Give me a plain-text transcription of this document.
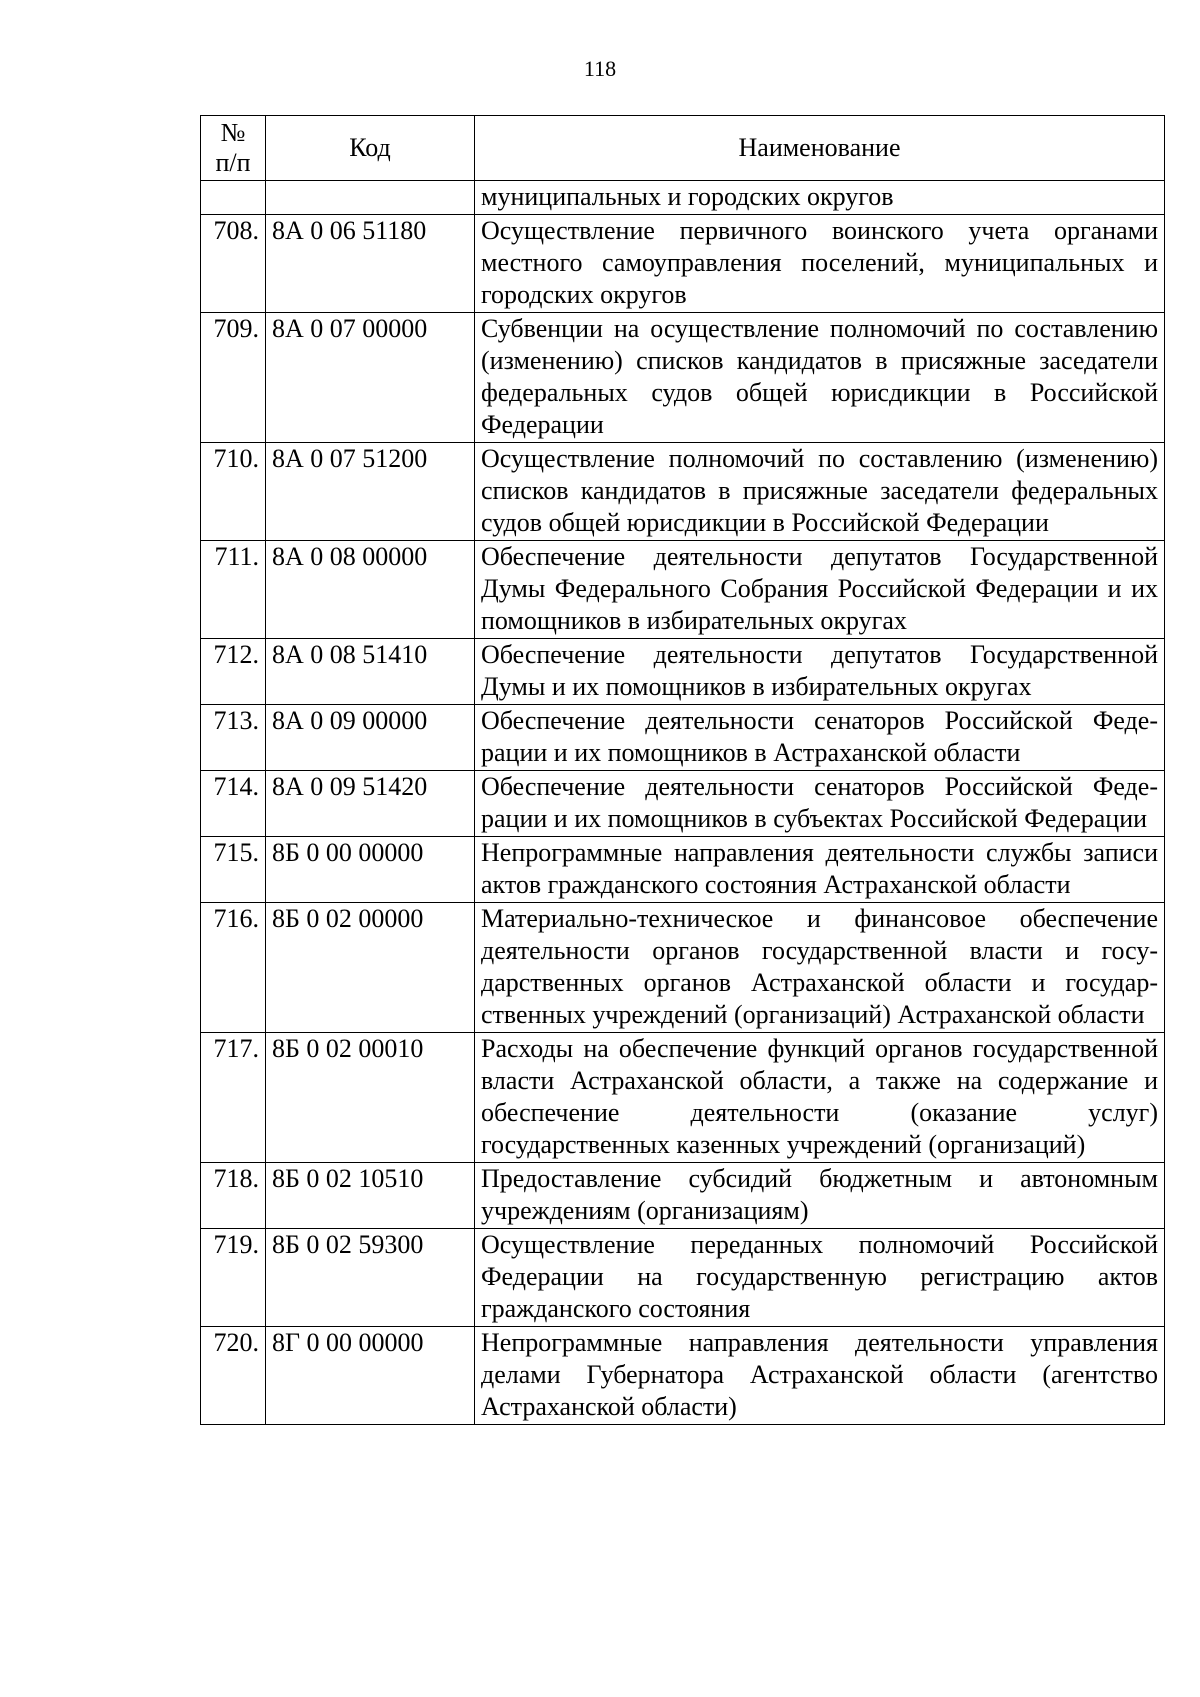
118
№
п/п	Код	Наименование
		муниципальных и городских округов
708.	8А 0 06 51180	Осуществление первичного воинского учета органами местного самоуправления поселений, муниципальных и городских округов
709.	8А 0 07 00000	Субвенции на осуществление полномочий по составлению (изменению) списков кандидатов в присяжные заседатели федеральных судов общей юрисдикции в Российской Федерации
710.	8А 0 07 51200	Осуществление полномочий по составлению (изменению) списков кандидатов в присяжные заседатели федеральных судов общей юрисдикции в Российской Федерации
711.	8А 0 08 00000	Обеспечение деятельности депутатов Государственной Думы Федерального Собрания Российской Федерации и их помощников в избирательных округах
712.	8А 0 08 51410	Обеспечение деятельности депутатов Государственной Думы и их помощников в избирательных округах
713.	8А 0 09 00000	Обеспечение деятельности сенаторов Российской Федерации и их помощников в Астраханской области
714.	8А 0 09 51420	Обеспечение деятельности сенаторов Российской Федерации и их помощников в субъектах Российской Федерации
715.	8Б 0 00 00000	Непрограммные направления деятельности службы записи актов гражданского состояния Астраханской области
716.	8Б 0 02 00000	Материально-техническое и финансовое обеспечение деятельности органов государственной власти и государственных органов Астраханской области и государственных учреждений (организаций) Астраханской области
717.	8Б 0 02 00010	Расходы на обеспечение функций органов государственной власти Астраханской области, а также на содержание и обеспечение деятельности (оказание услуг) государственных казенных учреждений (организаций)
718.	8Б 0 02 10510	Предоставление субсидий бюджетным и автономным учреждениям (организациям)
719.	8Б 0 02 59300	Осуществление переданных полномочий Российской Федерации на государственную регистрацию актов гражданского состояния
720.	8Г 0 00 00000	Непрограммные направления деятельности управления делами Губернатора Астраханской области (агентство Астраханской области)
